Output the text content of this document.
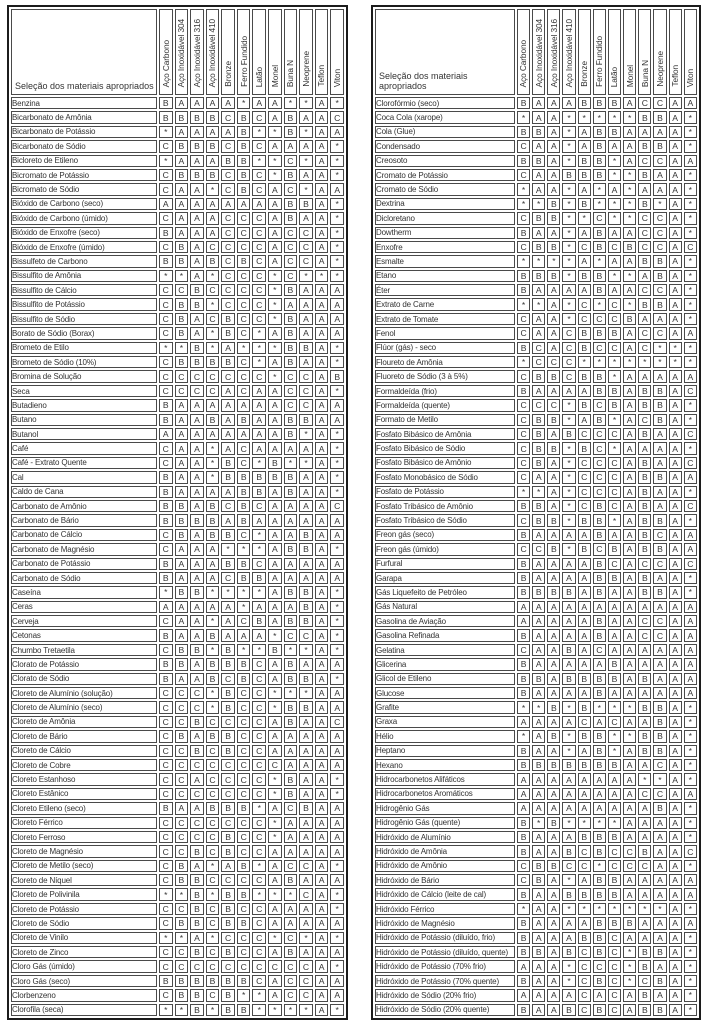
Seleção dos materiais apropriados	Aço Carbono	Aço Inoxidável 304	Aço Inoxidável 316	Aço Inoxidável 410	Bronze	Ferro Fundido	Latão	Monel	Buna N	Neoprene	Teflon	Viton
Benzina	B	A	A	A	A	*	A	A	*	*	A	*
Bicarbonato de Amônia	B	B	B	B	C	B	C	A	B	A	A	C
Bicarbonato de Potássio	*	A	A	A	A	B	*	*	B	*	A	A
Bicarbonato de Sódio	C	B	B	B	C	B	C	A	A	A	A	*
Bicloreto de Etileno	*	A	A	A	B	B	*	*	C	*	A	*
Bicromato de Potássio	C	B	B	B	C	B	C	*	B	A	A	*
Bicromato de Sódio	C	A	A	*	C	B	C	A	C	*	A	A
Bióxido de Carbono (seco)	A	A	A	A	A	A	A	A	B	B	A	*
Bióxido de Carbono (úmido)	C	A	A	A	C	C	C	A	B	A	A	*
Bióxido de Enxofre (seco)	B	A	A	A	C	C	C	A	C	C	A	*
Bióxido de Enxofre (úmido)	C	B	A	C	C	C	C	A	C	C	A	*
Bissulfeto de Carbono	B	B	A	B	C	B	C	A	C	C	A	*
Bissulfito de Amônia	*	*	A	*	C	C	C	*	C	*	*	*
Bissulfito de Cálcio	C	C	B	C	C	C	C	*	B	A	A	A
Bissulfito de Potássio	C	B	B	*	C	C	C	*	A	A	A	A
Bissulfito de Sódio	C	B	A	C	B	C	C	*	B	A	A	A
Borato de Sódio (Borax)	C	B	A	*	B	C	*	A	B	A	A	A
Brometo de Etilo	*	*	B	*	A	*	*	*	B	B	A	*
Brometo de Sódio (10%)	C	B	B	B	B	C	*	A	B	A	A	*
Bromina de Solução	C	C	C	C	C	C	C	*	C	C	A	B
Seca	C	C	C	C	A	C	A	A	C	C	A	*
Butadieno	B	A	A	A	A	A	A	A	C	C	A	A
Butano	B	A	A	B	A	B	A	A	B	B	A	A
Butanol	A	A	A	A	A	A	A	A	B	*	A	*
Café	C	A	A	*	A	C	A	A	A	A	A	*
Café - Extrato Quente	C	A	A	*	B	C	*	B	*	*	A	*
Cal	B	A	A	*	B	B	B	B	B	A	A	*
Caldo de Cana	B	A	A	A	A	B	B	A	B	A	A	*
Carbonato de Amônio	B	B	A	B	C	B	C	A	A	A	A	C
Carbonato de Bário	B	B	B	B	A	B	A	A	A	A	A	A
Carbonato de Cálcio	C	B	A	B	B	C	*	A	A	B	A	A
Carbonato de Magnésio	C	A	A	A	*	*	*	A	B	B	A	*
Carbonato de Potássio	B	A	A	A	B	B	C	A	A	A	A	A
Carbonato de Sódio	B	A	A	A	C	B	B	A	A	A	A	A
Caseína	*	B	B	*	*	*	*	A	B	B	A	*
Ceras	A	A	A	A	A	*	A	A	A	B	A	*
Cerveja	C	A	A	*	A	C	B	A	B	B	A	*
Cetonas	B	A	A	B	A	A	A	*	C	C	A	*
Chumbo Tretaetila	C	B	B	*	B	*	*	B	*	*	A	*
Clorato de Potássio	B	B	A	B	B	B	C	A	B	A	A	A
Clorato de Sódio	B	A	A	B	C	B	C	A	B	B	A	*
Cloreto de Alumínio (solução)	C	C	C	*	B	C	C	*	*	*	A	A
Cloreto de Alumínio (seco)	C	C	C	*	B	C	C	*	B	B	A	A
Cloreto de Amônia	C	C	B	C	C	C	C	A	B	A	A	C
Cloreto de Bário	C	B	A	B	B	C	C	A	A	A	A	A
Cloreto de Cálcio	C	C	B	C	B	C	C	A	A	A	A	A
Cloreto de Cobre	C	C	C	C	C	C	C	C	A	A	A	A
Cloreto Estanhoso	C	C	A	C	C	C	C	*	B	A	A	*
Cloreto Estânico	C	C	C	C	C	C	C	*	B	A	A	*
Cloreto Etileno (seco)	B	A	A	B	B	B	*	A	C	B	A	A
Cloreto Férrico	C	C	C	C	C	C	C	*	A	A	A	A
Cloreto Ferroso	C	C	C	C	B	C	C	*	A	A	A	A
Cloreto de Magnésio	C	C	B	C	B	C	C	A	A	A	A	A
Cloreto de Metilo (seco)	C	B	A	*	A	B	*	A	C	C	A	*
Cloreto de Níquel	C	B	B	C	C	C	C	A	B	A	A	A
Cloreto de Polivinila	*	*	B	*	B	B	*	*	*	C	A	*
Cloreto de Potássio	C	C	B	C	B	C	C	A	A	A	A	*
Cloreto de Sódio	C	B	B	C	B	B	C	A	A	A	A	A
Cloreto de Vinilo	*	*	A	*	C	C	C	*	C	*	A	*
Cloreto de Zinco	C	C	B	C	B	C	C	A	B	A	A	A
Cloro Gás (úmido)	C	C	C	C	C	C	C	C	C	C	A	*
Cloro Gás (seco)	B	B	B	B	B	B	C	A	C	C	A	A
Clorbenzeno	C	B	B	C	B	*	*	A	C	C	A	A
Clorofila (seca)	*	*	B	*	B	B	*	*	*	*	A	*
Seleção dos materiais apropriados	Aço Carbono	Aço Inoxidável 304	Aço Inoxidável 316	Aço Inoxidável 410	Bronze	Ferro Fundido	Latão	Monel	Buna N	Neoprene	Teflon	Viton
Clorofórmio (seco)	B	A	A	A	B	B	B	A	C	C	A	A
Coca Cola (xarope)	*	A	A	*	*	*	*	*	B	B	A	*
Cola (Glue)	B	B	A	*	A	B	B	A	A	A	A	*
Condensado	C	A	A	*	A	B	A	A	B	B	A	*
Creosoto	B	B	A	*	B	B	*	A	C	C	A	A
Cromato de Potássio	C	A	A	B	B	B	*	*	B	A	A	*
Cromato de Sódio	*	A	A	*	A	*	A	*	A	A	A	*
Dextrina	*	*	B	*	B	*	*	*	B	*	A	*
Dicloretano	C	B	B	*	*	C	*	*	C	C	A	*
Dowtherm	B	A	A	*	A	B	A	A	C	C	A	*
Enxofre	C	B	B	*	C	B	C	B	C	C	A	C
Esmalte	*	*	*	*	A	*	A	A	B	B	A	*
Etano	B	B	B	*	B	B	*	*	A	B	A	*
Éter	B	A	A	A	A	B	A	A	C	C	A	*
Extrato de Carne	*	*	A	*	C	*	C	*	B	B	A	*
Extrato de Tomate	C	A	A	*	C	C	C	B	A	A	A	*
Fenol	C	A	A	C	B	B	B	A	C	C	A	A
Flúor (gás) - seco	B	C	A	C	B	C	C	A	C	*	*	*
Floureto de Amônia	*	C	C	C	*	*	*	*	*	*	*	*
Fluoreto de Sódio (3 à 5%)	C	B	B	C	B	B	*	A	A	A	A	A
Formaldeída (frio)	B	A	A	A	A	B	B	A	B	B	A	C
Formaldeída (quente)	C	C	C	*	B	C	B	A	B	B	A	*
Formato de Metilo	C	B	B	*	A	B	*	A	C	B	A	*
Fosfato Bibásico de Amônia	C	B	A	B	C	C	C	A	B	A	A	C
Fosfato Bibásico de Sódio	C	B	B	*	B	C	*	A	A	A	A	*
Fosfato Bibásico de Amônio	C	B	A	*	C	C	C	A	B	A	A	C
Fosfato Monobásico de Sódio	C	A	A	*	C	C	C	A	B	B	A	A
Fosfato de Potássio	*	*	A	*	C	C	C	A	B	A	A	*
Fosfato Tribásico de Amônio	B	B	A	*	C	B	C	A	B	A	A	C
Fosfato Tribásico de Sódio	C	B	B	*	B	B	*	A	B	B	A	*
Freon gás (seco)	B	A	A	A	A	B	A	A	B	C	A	A
Freon gás (úmido)	C	C	B	*	B	C	B	A	B	B	A	A
Furfural	B	A	A	A	A	B	C	A	C	C	A	C
Garapa	B	A	A	A	A	B	B	A	B	A	A	*
Gás Liquefeito de Petróleo	B	B	B	B	A	B	A	A	B	B	A	*
Gás Natural	A	A	A	A	A	A	A	A	A	A	A	A
Gasolina de Aviação	A	A	A	A	A	B	A	A	C	C	A	A
Gasolina Refinada	B	A	A	A	A	B	A	A	C	C	A	A
Gelatina	C	A	A	B	A	C	A	A	A	A	A	A
Glicerina	B	A	A	A	A	A	B	A	A	A	A	A
Glicol de Etileno	B	B	A	B	B	B	B	A	B	A	A	A
Glucose	B	A	A	A	A	B	A	A	A	A	A	A
Grafite	*	*	B	*	B	*	*	*	B	B	A	*
Graxa	A	A	A	A	C	A	C	A	A	B	A	*
Hélio	*	A	B	*	B	B	*	*	B	B	A	*
Heptano	B	A	A	*	A	B	*	A	B	B	A	*
Hexano	B	B	B	B	B	B	B	A	A	C	A	*
Hidrocarbonetos Alifáticos	A	A	A	A	A	A	A	A	*	*	A	*
Hidrocarbonetos Aromáticos	A	A	A	A	A	A	A	A	C	C	A	A
Hidrogênio Gás	A	A	A	A	A	A	A	A	A	B	A	*
Hidrogênio Gás (quente)	B	*	B	*	*	*	*	A	A	A	A	*
Hidróxido de Alumínio	B	A	A	A	B	B	B	A	A	A	A	*
Hidróxido de Amônia	B	A	A	B	C	B	C	C	B	A	A	C
Hidróxido de Amônio	C	B	B	C	C	*	C	C	C	A	A	*
Hidróxido de Bário	C	B	A	*	A	B	B	A	A	A	A	A
Hidróxido de Cálcio (leite de cal)	B	A	A	B	B	B	B	A	A	A	A	A
Hidróxido Férrico	*	A	A	*	*	*	*	*	*	*	A	*
Hidróxido de Magnésio	B	A	A	A	A	B	B	B	A	A	A	A
Hidróxido de Potássio (diluído, frio)	B	A	A	A	B	B	C	A	A	A	A	*
Hidróxido de Potássio (diluído, quente)	B	B	A	B	C	B	C	*	B	B	A	*
Hidróxido de Potássio (70% frio)	A	A	A	*	C	C	C	*	B	A	A	*
Hidróxido de Potássio (70% quente)	B	A	A	*	C	B	C	*	C	B	A	*
Hidróxido de Sódio (20% frio)	A	A	A	A	C	A	C	A	B	A	A	*
Hidróxido de Sódio (20% quente)	B	A	A	B	C	B	C	A	B	B	A	*
